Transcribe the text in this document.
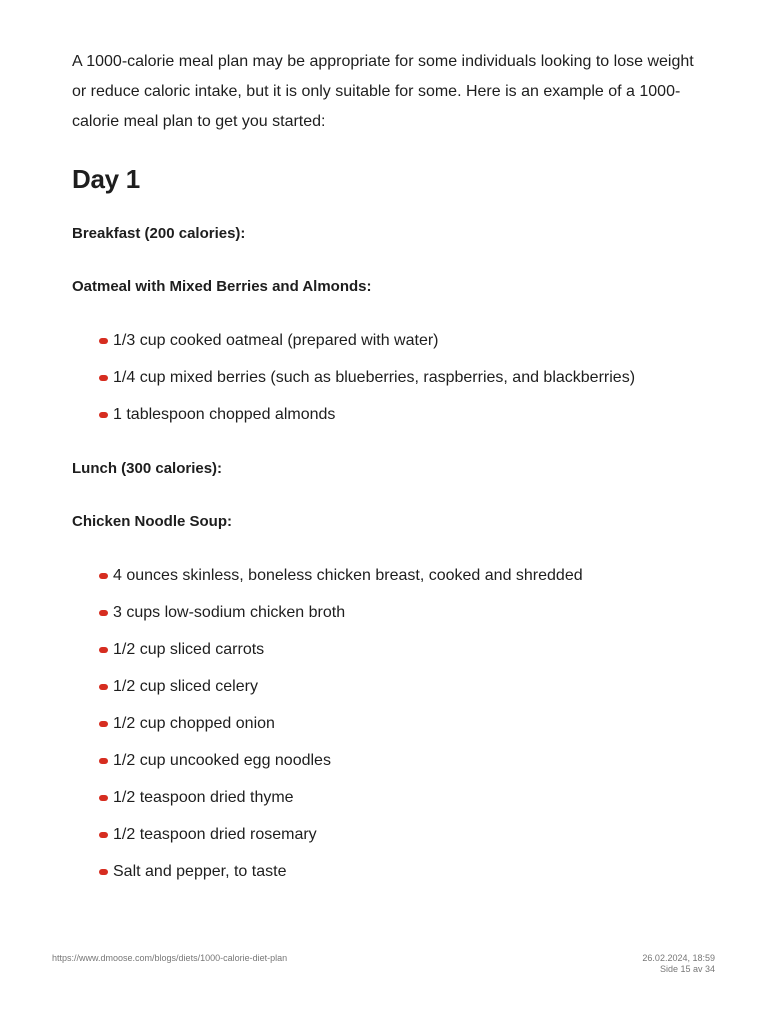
A 1000-calorie meal plan may be appropriate for some individuals looking to lose weight or reduce caloric intake, but it is only suitable for some. Here is an example of a 1000-calorie meal plan to get you started:

Day 1

Breakfast (200 calories):

Oatmeal with Mixed Berries and Almonds:

1/3 cup cooked oatmeal (prepared with water)
1/4 cup mixed berries (such as blueberries, raspberries, and blackberries)
1 tablespoon chopped almonds

Lunch (300 calories):

Chicken Noodle Soup:

4 ounces skinless, boneless chicken breast, cooked and shredded
3 cups low-sodium chicken broth
1/2 cup sliced carrots
1/2 cup sliced celery
1/2 cup chopped onion
1/2 cup uncooked egg noodles
1/2 teaspoon dried thyme
1/2 teaspoon dried rosemary
Salt and pepper, to taste
https://www.dmoose.com/blogs/diets/1000-calorie-diet-plan	26.02.2024, 18:59
Side 15 av 34
